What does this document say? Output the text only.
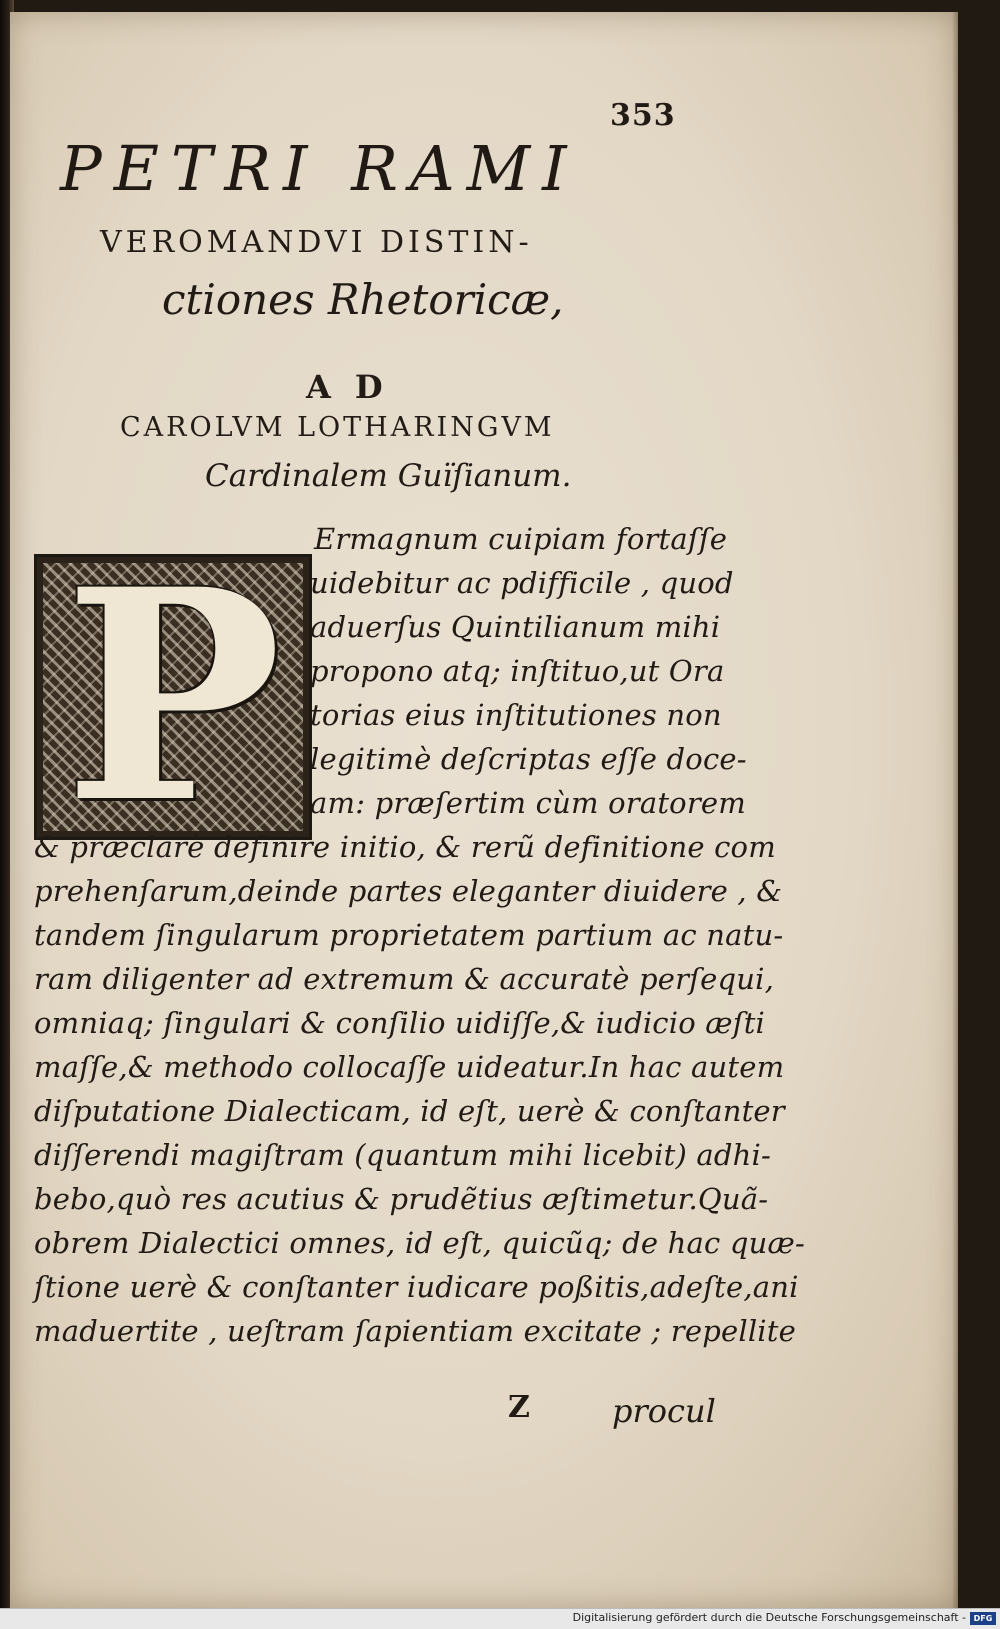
353
PETRI RAMI
VEROMANDVI DISTIN-
ctiones Rhetoricæ,
AD
CAROLVM LOTHARINGVM
Cardinalem Guïſianum.
P	Ermagnum cuipiam fortaſſe
uidebitur ac pdifficile , quod
aduerſus Quintilianum mihi
propono atq; inſtituo,ut Ora
torias eius inſtitutiones non
legitimè deſcriptas eſſe doce-
am: præſertim cùm oratorem
& præclarè definire initio, & rerũ definitione com
prehenſarum,deinde partes eleganter diuidere , &
tandem ſingularum proprietatem partium ac natu-
ram diligenter ad extremum & accuratè perſequi,
omniaq; ſingulari & conſilio uidiſſe,& iudicio æſti
maſſe,& methodo collocaſſe uideatur.In hac autem
diſputatione Dialecticam, id eſt, uerè & conſtanter
diſſerendi magiſtram (quantum mihi licebit) adhi-
bebo,quò res acutius & prudẽtius æſtimetur.Quã-
obrem Dialectici omnes, id eſt, quicũq; de hac quæ-
ſtione uerè & conſtanter iudicare poßitis,adeſte,ani
maduertite , ueſtram ſapientiam excitate ; repellite
Z	procul
Digitalisierung gefördert durch die Deutsche Forschungsgemeinschaft - DFG
